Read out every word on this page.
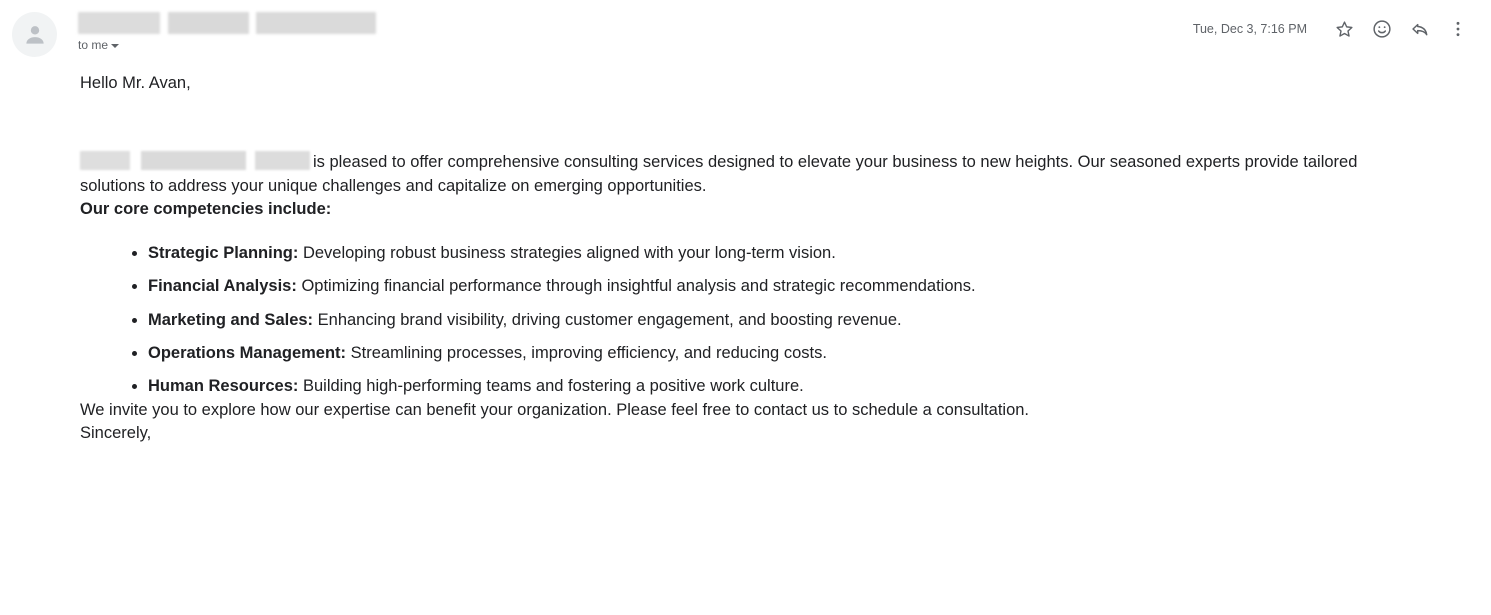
to me
Tue, Dec 3, 7:16 PM

Hello Mr. Avan,

is pleased to offer comprehensive consulting services designed to elevate your business to new heights. Our seasoned experts provide tailored solutions to address your unique challenges and capitalize on emerging opportunities.

Our core competencies include:

• Strategic Planning: Developing robust business strategies aligned with your long-term vision.
• Financial Analysis: Optimizing financial performance through insightful analysis and strategic recommendations.
• Marketing and Sales: Enhancing brand visibility, driving customer engagement, and boosting revenue.
• Operations Management: Streamlining processes, improving efficiency, and reducing costs.
• Human Resources: Building high-performing teams and fostering a positive work culture.

We invite you to explore how our expertise can benefit your organization. Please feel free to contact us to schedule a consultation.

Sincerely,
